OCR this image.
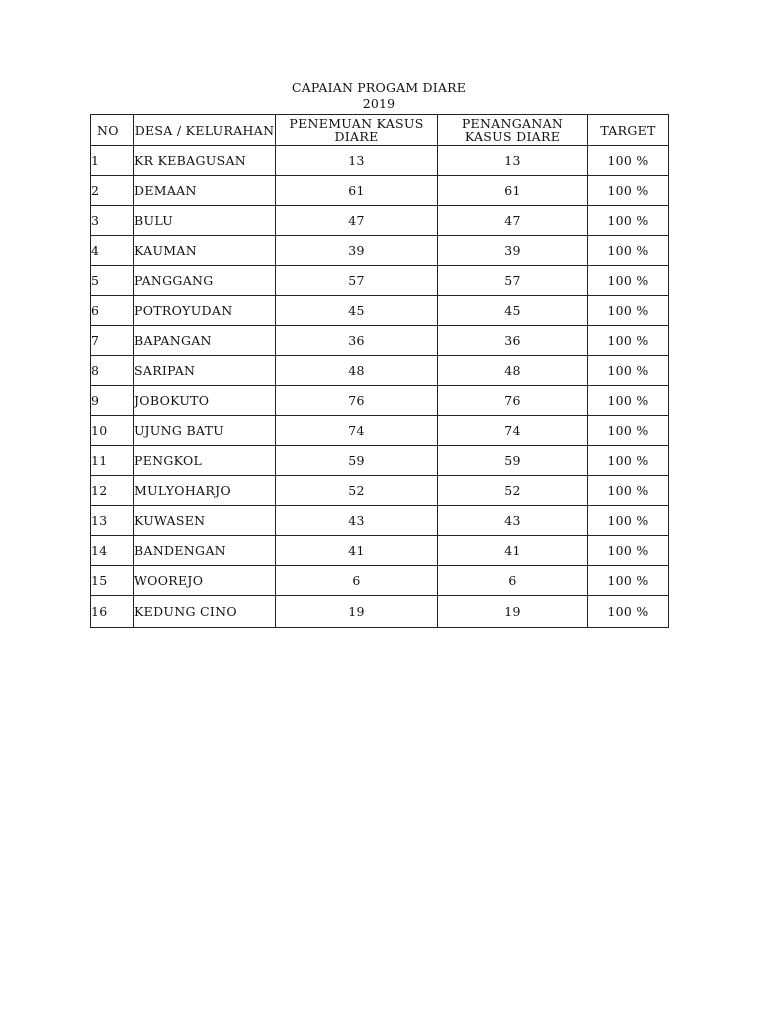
CAPAIAN PROGAM DIARE
2019
NO	DESA / KELURAHAN	PENEMUAN KASUS DIARE	PENANGANAN KASUS DIARE	TARGET
1	KR KEBAGUSAN	13	13	100 %
2	DEMAAN	61	61	100 %
3	BULU	47	47	100 %
4	KAUMAN	39	39	100 %
5	PANGGANG	57	57	100 %
6	POTROYUDAN	45	45	100 %
7	BAPANGAN	36	36	100 %
8	SARIPAN	48	48	100 %
9	JOBOKUTO	76	76	100 %
10	UJUNG BATU	74	74	100 %
11	PENGKOL	59	59	100 %
12	MULYOHARJO	52	52	100 %
13	KUWASEN	43	43	100 %
14	BANDENGAN	41	41	100 %
15	WOOREJO	6	6	100 %
16	KEDUNG CINO	19	19	100 %
